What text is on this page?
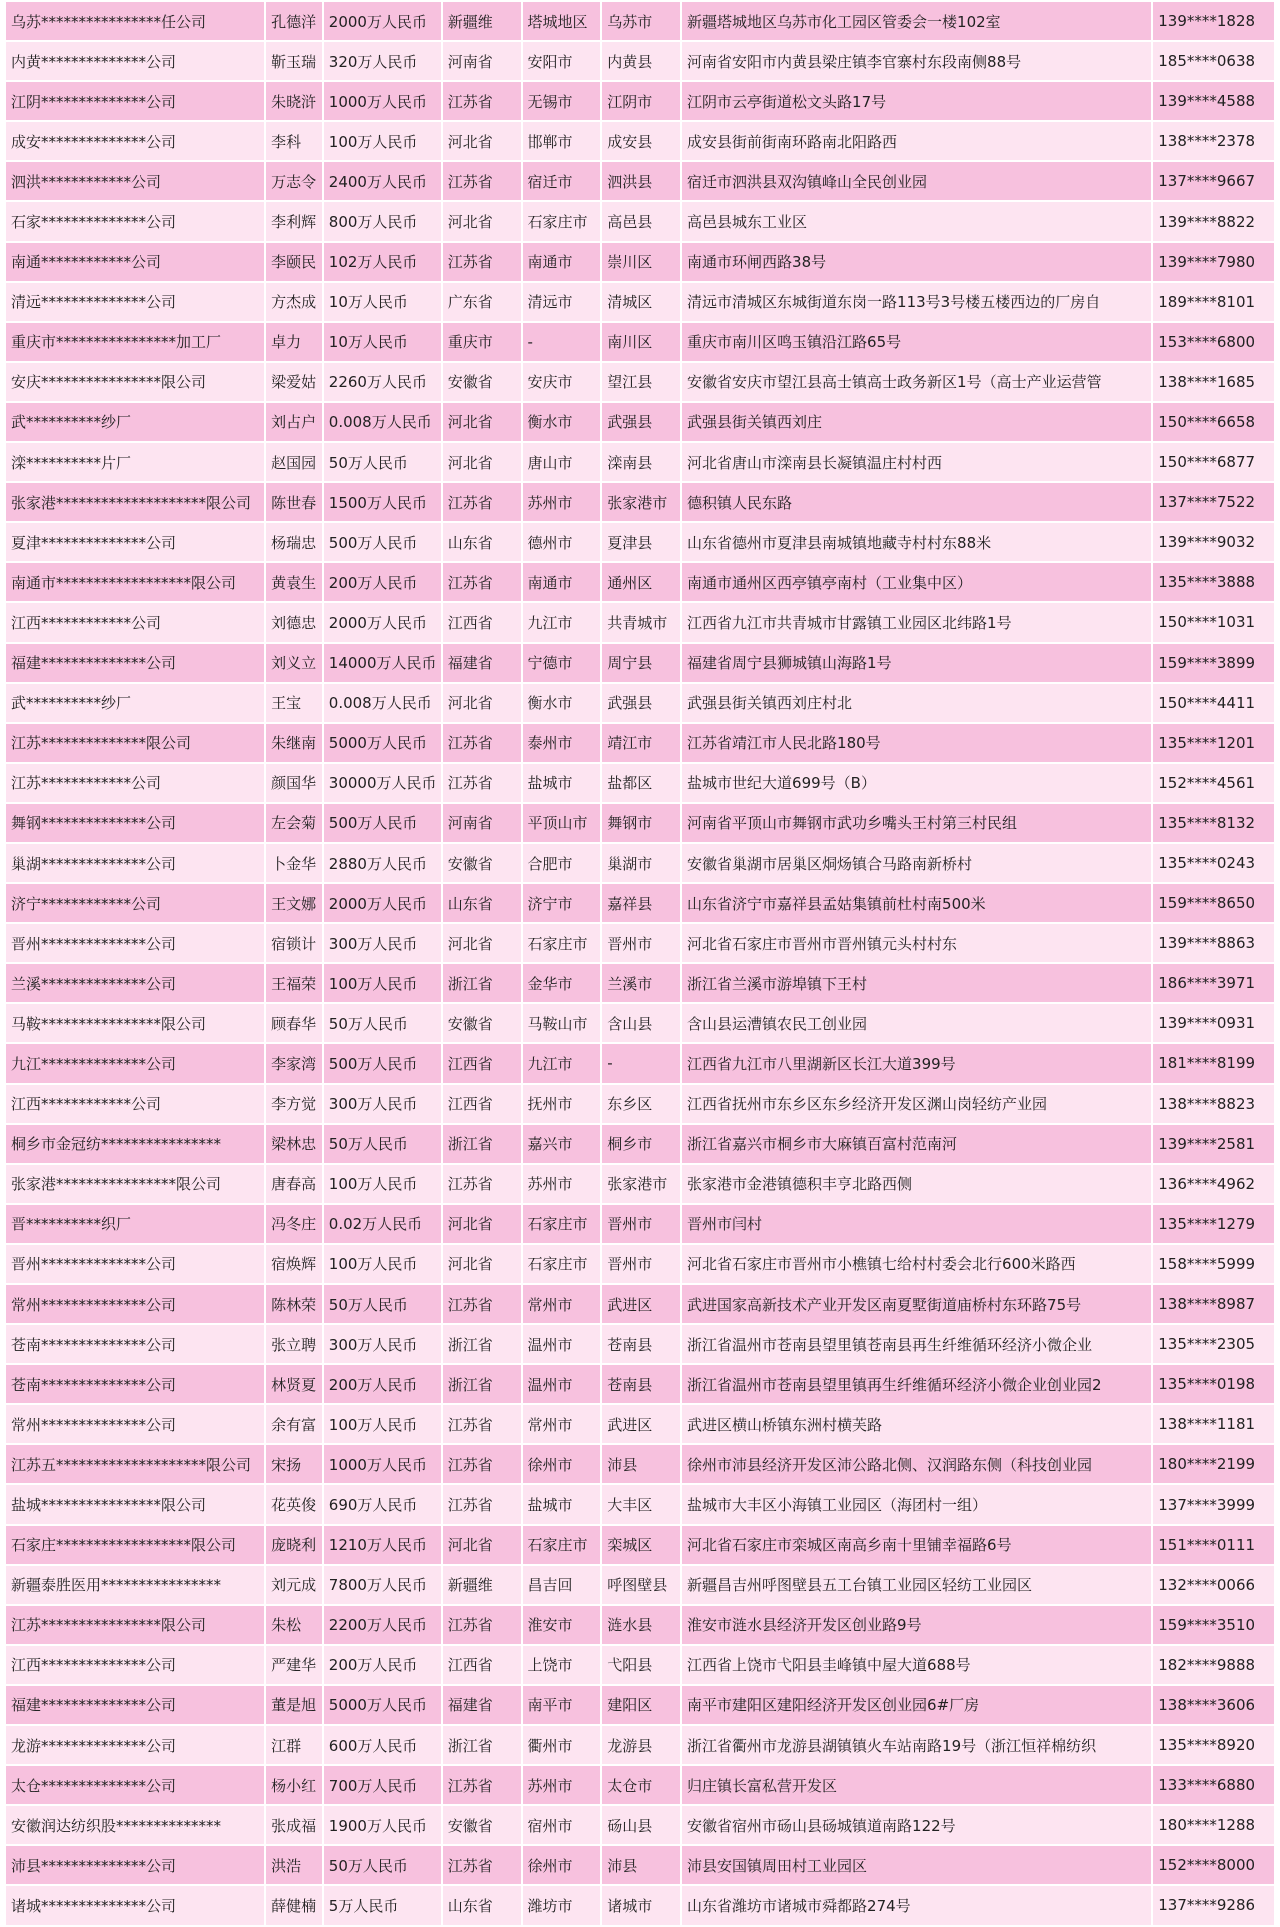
乌苏****************任公司	孔德洋	2000万人民币	新疆维	塔城地区	乌苏市	新疆塔城地区乌苏市化工园区管委会一楼102室	139****1828
内黄**************公司	靳玉瑞	320万人民币	河南省	安阳市	内黄县	河南省安阳市内黄县梁庄镇李官寨村东段南侧88号	185****0638
江阴**************公司	朱晓浒	1000万人民币	江苏省	无锡市	江阴市	江阴市云亭街道松文头路17号	139****4588
成安**************公司	李科	100万人民币	河北省	邯郸市	成安县	成安县街前街南环路南北阳路西	138****2378
泗洪************公司	万志令	2400万人民币	江苏省	宿迁市	泗洪县	宿迁市泗洪县双沟镇峰山全民创业园	137****9667
石家**************公司	李利辉	800万人民币	河北省	石家庄市	高邑县	高邑县城东工业区	139****8822
南通************公司	李颐民	102万人民币	江苏省	南通市	崇川区	南通市环闸西路38号	139****7980
清远**************公司	方杰成	10万人民币	广东省	清远市	清城区	清远市清城区东城街道东岗一路113号3号楼五楼西边的厂房自	189****8101
重庆市****************加工厂	卓力	10万人民币	重庆市	-	南川区	重庆市南川区鸣玉镇沿江路65号	153****6800
安庆****************限公司	梁爱姑	2260万人民币	安徽省	安庆市	望江县	安徽省安庆市望江县高士镇高士政务新区1号（高士产业运营管	138****1685
武**********纱厂	刘占户	0.008万人民币	河北省	衡水市	武强县	武强县街关镇西刘庄	150****6658
滦**********片厂	赵国园	50万人民币	河北省	唐山市	滦南县	河北省唐山市滦南县长凝镇温庄村村西	150****6877
张家港********************限公司	陈世春	1500万人民币	江苏省	苏州市	张家港市	德积镇人民东路	137****7522
夏津**************公司	杨瑞忠	500万人民币	山东省	德州市	夏津县	山东省德州市夏津县南城镇地藏寺村村东88米	139****9032
南通市******************限公司	黄袁生	200万人民币	江苏省	南通市	通州区	南通市通州区西亭镇亭南村（工业集中区）	135****3888
江西************公司	刘德忠	2000万人民币	江西省	九江市	共青城市	江西省九江市共青城市甘露镇工业园区北纬路1号	150****1031
福建**************公司	刘义立	14000万人民币	福建省	宁德市	周宁县	福建省周宁县狮城镇山海路1号	159****3899
武**********纱厂	王宝	0.008万人民币	河北省	衡水市	武强县	武强县街关镇西刘庄村北	150****4411
江苏**************限公司	朱继南	5000万人民币	江苏省	泰州市	靖江市	江苏省靖江市人民北路180号	135****1201
江苏************公司	颜国华	30000万人民币	江苏省	盐城市	盐都区	盐城市世纪大道699号（B）	152****4561
舞钢**************公司	左会菊	500万人民币	河南省	平顶山市	舞钢市	河南省平顶山市舞钢市武功乡嘴头王村第三村民组	135****8132
巢湖**************公司	卜金华	2880万人民币	安徽省	合肥市	巢湖市	安徽省巢湖市居巢区烔炀镇合马路南新桥村	135****0243
济宁************公司	王文娜	2000万人民币	山东省	济宁市	嘉祥县	山东省济宁市嘉祥县孟姑集镇前杜村南500米	159****8650
晋州**************公司	宿锁计	300万人民币	河北省	石家庄市	晋州市	河北省石家庄市晋州市晋州镇元头村村东	139****8863
兰溪**************公司	王福荣	100万人民币	浙江省	金华市	兰溪市	浙江省兰溪市游埠镇下王村	186****3971
马鞍****************限公司	顾春华	50万人民币	安徽省	马鞍山市	含山县	含山县运漕镇农民工创业园	139****0931
九江**************公司	李家湾	500万人民币	江西省	九江市	-	江西省九江市八里湖新区长江大道399号	181****8199
江西************公司	李方觉	300万人民币	江西省	抚州市	东乡区	江西省抚州市东乡区东乡经济开发区渊山岗轻纺产业园	138****8823
桐乡市金冠纺****************	梁林忠	50万人民币	浙江省	嘉兴市	桐乡市	浙江省嘉兴市桐乡市大麻镇百富村范南河	139****2581
张家港****************限公司	唐春高	100万人民币	江苏省	苏州市	张家港市	张家港市金港镇德积丰亨北路西侧	136****4962
晋**********织厂	冯冬庄	0.02万人民币	河北省	石家庄市	晋州市	晋州市闫村	135****1279
晋州**************公司	宿焕辉	100万人民币	河北省	石家庄市	晋州市	河北省石家庄市晋州市小樵镇七给村村委会北行600米路西	158****5999
常州**************公司	陈林荣	50万人民币	江苏省	常州市	武进区	武进国家高新技术产业开发区南夏墅街道庙桥村东环路75号	138****8987
苍南**************公司	张立聘	300万人民币	浙江省	温州市	苍南县	浙江省温州市苍南县望里镇苍南县再生纤维循环经济小微企业	135****2305
苍南**************公司	林贤夏	200万人民币	浙江省	温州市	苍南县	浙江省温州市苍南县望里镇再生纤维循环经济小微企业创业园2	135****0198
常州**************公司	余有富	100万人民币	江苏省	常州市	武进区	武进区横山桥镇东洲村横芙路	138****1181
江苏五********************限公司	宋扬	1000万人民币	江苏省	徐州市	沛县	徐州市沛县经济开发区沛公路北侧、汉润路东侧（科技创业园	180****2199
盐城****************限公司	花英俊	690万人民币	江苏省	盐城市	大丰区	盐城市大丰区小海镇工业园区（海团村一组）	137****3999
石家庄******************限公司	庞晓利	1210万人民币	河北省	石家庄市	栾城区	河北省石家庄市栾城区南高乡南十里铺幸福路6号	151****0111
新疆泰胜医用****************	刘元成	7800万人民币	新疆维	昌吉回	呼图壁县	新疆昌吉州呼图壁县五工台镇工业园区轻纺工业园区	132****0066
江苏****************限公司	朱松	2200万人民币	江苏省	淮安市	涟水县	淮安市涟水县经济开发区创业路9号	159****3510
江西**************公司	严建华	200万人民币	江西省	上饶市	弋阳县	江西省上饶市弋阳县圭峰镇中屋大道688号	182****9888
福建**************公司	董是旭	5000万人民币	福建省	南平市	建阳区	南平市建阳区建阳经济开发区创业园6#厂房	138****3606
龙游**************公司	江群	600万人民币	浙江省	衢州市	龙游县	浙江省衢州市龙游县湖镇镇火车站南路19号（浙江恒祥棉纺织	135****8920
太仓**************公司	杨小红	700万人民币	江苏省	苏州市	太仓市	归庄镇长富私营开发区	133****6880
安徽润达纺织股**************	张成福	1900万人民币	安徽省	宿州市	砀山县	安徽省宿州市砀山县砀城镇道南路122号	180****1288
沛县**************公司	洪浩	50万人民币	江苏省	徐州市	沛县	沛县安国镇周田村工业园区	152****8000
诸城**************公司	薛健楠	5万人民币	山东省	潍坊市	诸城市	山东省潍坊市诸城市舜都路274号	137****9286
